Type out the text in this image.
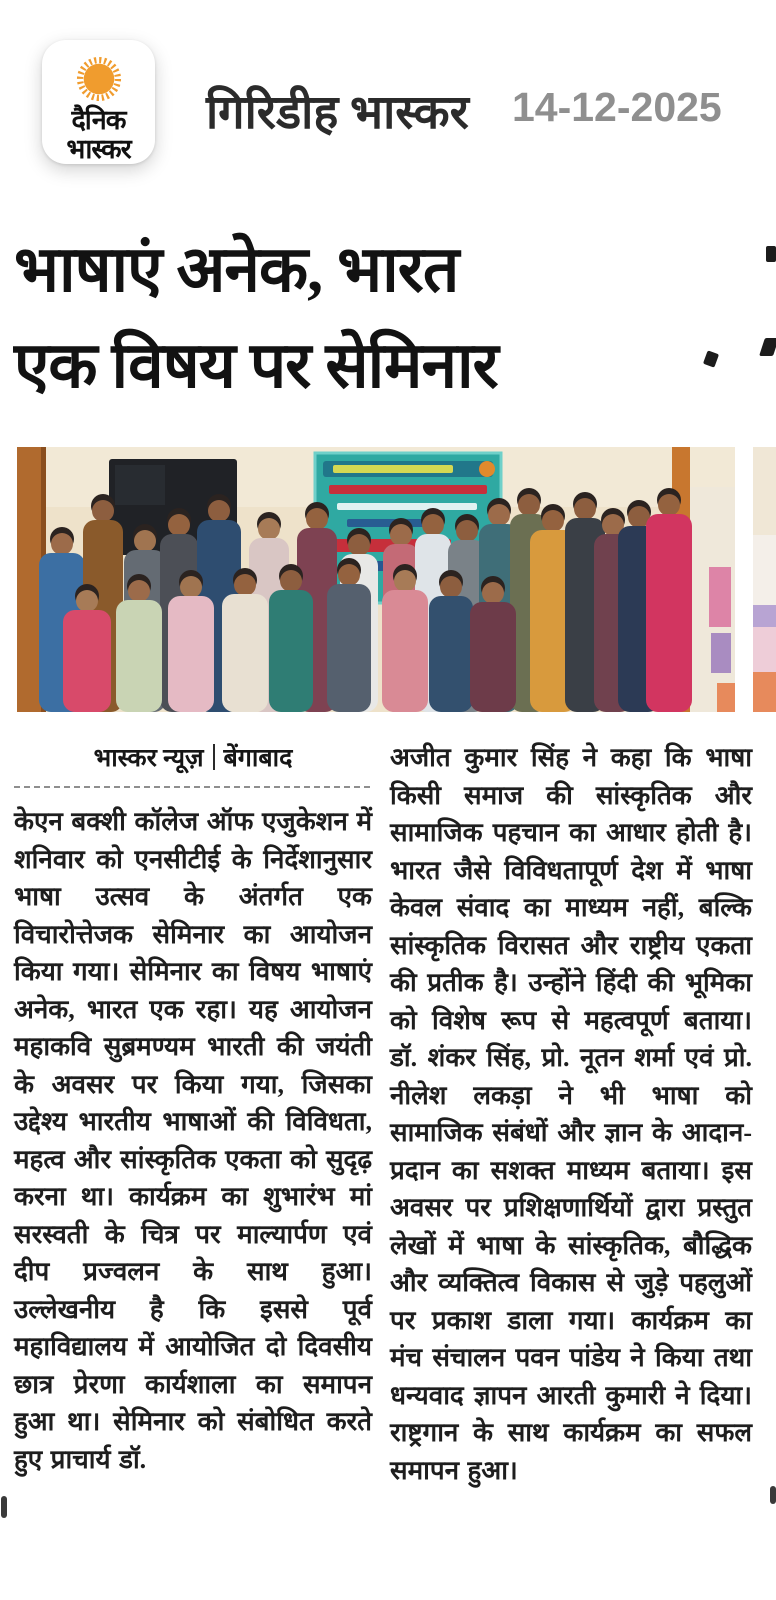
दैनिक
भास्कर
गिरिडीह भास्कर 14-12-2025
भाषाएं अनेक, भारत
एक विषय पर सेमिनार
भास्कर न्यूज़ बेंगाबाद
केएन बक्शी कॉलेज ऑफ एजुकेशन में शनिवार को एनसीटीई के निर्देशानुसार भाषा उत्सव के अंतर्गत एक विचारोत्तेजक सेमिनार का आयोजन किया गया। सेमिनार का विषय भाषाएं अनेक, भारत एक रहा। यह आयोजन महाकवि सुब्रमण्यम भारती की जयंती के अवसर पर किया गया, जिसका उद्देश्य भारतीय भाषाओं की विविधता, महत्व और सांस्कृतिक एकता को सुदृढ़ करना था। कार्यक्रम का शुभारंभ मां सरस्वती के चित्र पर माल्यार्पण एवं दीप प्रज्वलन के साथ हुआ। उल्लेखनीय है कि इससे पूर्व महाविद्यालय में आयोजित दो दिवसीय छात्र प्रेरणा कार्यशाला का समापन हुआ था। सेमिनार को संबोधित करते हुए प्राचार्य डॉ.
अजीत कुमार सिंह ने कहा कि भाषा किसी समाज की सांस्कृतिक और सामाजिक पहचान का आधार होती है। भारत जैसे विविधतापूर्ण देश में भाषा केवल संवाद का माध्यम नहीं, बल्कि सांस्कृतिक विरासत और राष्ट्रीय एकता की प्रतीक है। उन्होंने हिंदी की भूमिका को विशेष रूप से महत्वपूर्ण बताया। डॉ. शंकर सिंह, प्रो. नूतन शर्मा एवं प्रो. नीलेश लकड़ा ने भी भाषा को सामाजिक संबंधों और ज्ञान के आदान-प्रदान का सशक्त माध्यम बताया। इस अवसर पर प्रशिक्षणार्थियों द्वारा प्रस्तुत लेखों में भाषा के सांस्कृतिक, बौद्धिक और व्यक्तित्व विकास से जुड़े पहलुओं पर प्रकाश डाला गया। कार्यक्रम का मंच संचालन पवन पांडेय ने किया तथा धन्यवाद ज्ञापन आरती कुमारी ने दिया। राष्ट्रगान के साथ कार्यक्रम का सफल समापन हुआ।
